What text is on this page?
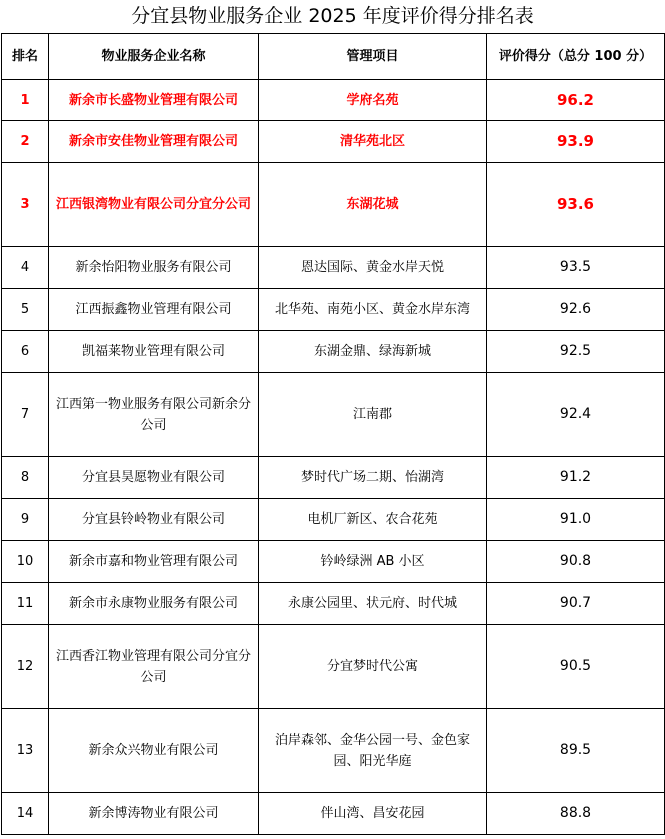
分宜县物业服务企业 2025 年度评价得分排名表
排名	物业服务企业名称	管理项目	评价得分（总分 100 分）
1	新余市长盛物业管理有限公司	学府名苑	96.2
2	新余市安佳物业管理有限公司	清华苑北区	93.9
3	江西银湾物业有限公司分宜分公司	东湖花城	93.6
4	新余怡阳物业服务有限公司	恩达国际、黄金水岸天悦	93.5
5	江西振鑫物业管理有限公司	北华苑、南苑小区、黄金水岸东湾	92.6
6	凯福莱物业管理有限公司	东湖金鼎、绿海新城	92.5
7	江西第一物业服务有限公司新余分公司	江南郡	92.4
8	分宜县昊愿物业有限公司	梦时代广场二期、怡湖湾	91.2
9	分宜县铃岭物业有限公司	电机厂新区、农合花苑	91.0
10	新余市嘉和物业管理有限公司	钤岭绿洲 AB 小区	90.8
11	新余市永康物业服务有限公司	永康公园里、状元府、时代城	90.7
12	江西香江物业管理有限公司分宜分公司	分宜梦时代公寓	90.5
13	新余众兴物业有限公司	泊岸森邻、金华公园一号、金色家园、阳光华庭	89.5
14	新余博涛物业有限公司	伴山湾、昌安花园	88.8
